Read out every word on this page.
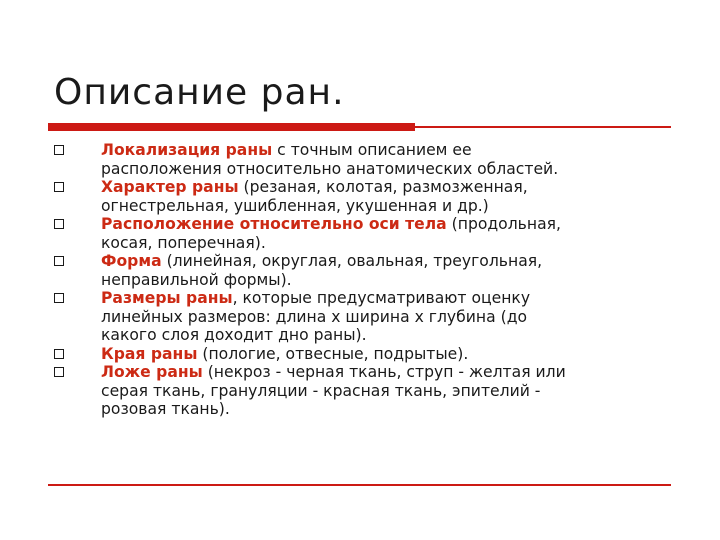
Описание ран.
Локализация раны с точным описанием ее
расположения относительно анатомических областей.
Характер раны (резаная, колотая, размозженная,
огнестрельная, ушибленная, укушенная и др.)
Расположение относительно оси тела (продольная,
косая, поперечная).
Форма (линейная, округлая, овальная, треугольная,
неправильной формы).
Размеры раны, которые предусматривают оценку
линейных размеров: длина х ширина х глубина (до
какого слоя доходит дно раны).
Края раны (пологие, отвесные, подрытые).
Ложе раны (некроз - черная ткань, струп - желтая или
серая ткань, грануляции - красная ткань, эпителий -
розовая ткань).
